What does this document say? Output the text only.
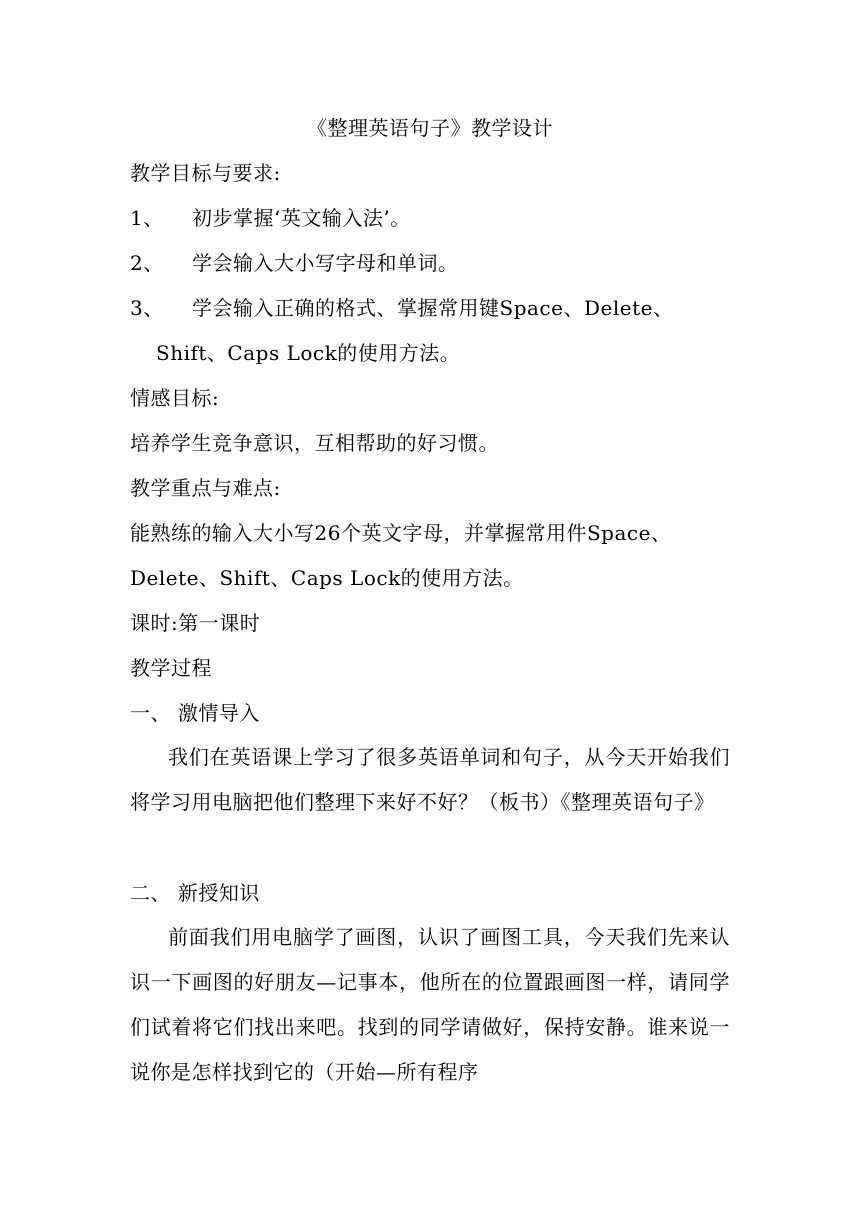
《整理英语句子》教学设计
教学目标与要求:
1、 初步掌握‘英文输入法’。
2、 学会输入大小写字母和单词。
3、 学会输入正确的格式、掌握常用键Space、Delete、
Shift、Caps Lock的使用方法。
情感目标:
培养学生竞争意识，互相帮助的好习惯。
教学重点与难点:
能熟练的输入大小写26个英文字母，并掌握常用件Space、
Delete、Shift、Caps Lock的使用方法。
课时:第一课时
教学过程
一、 激情导入
我们在英语课上学习了很多英语单词和句子，从今天开始我们将学习用电脑把他们整理下来好不好？（板书）《整理英语句子》
二、 新授知识
前面我们用电脑学了画图，认识了画图工具，今天我们先来认识一下画图的好朋友—记事本，他所在的位置跟画图一样，请同学们试着将它们找出来吧。找到的同学请做好，保持安静。谁来说一说你是怎样找到它的（开始—所有程序
